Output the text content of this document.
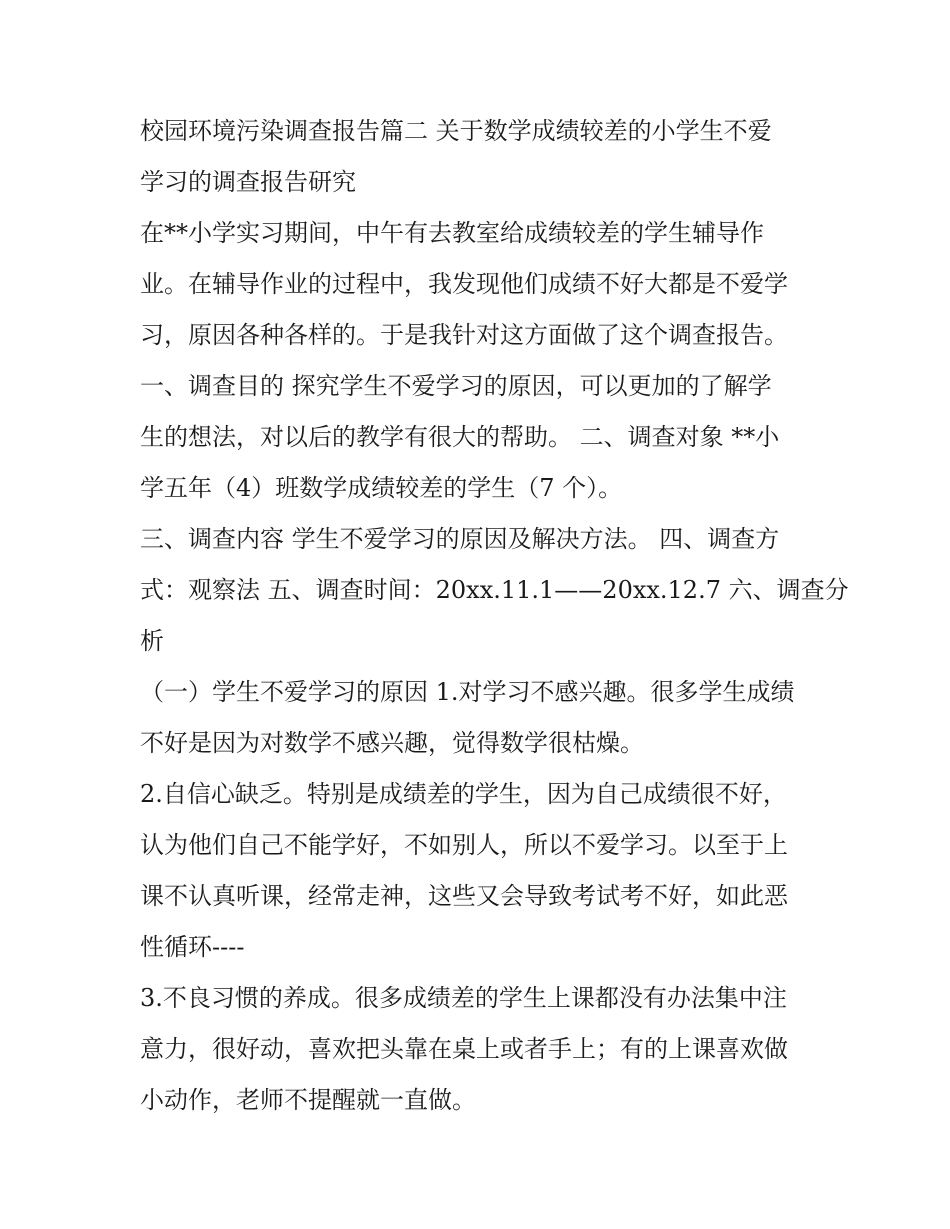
校园环境污染调查报告篇二 关于数学成绩较差的小学生不爱
学习的调查报告研究
在**小学实习期间，中午有去教室给成绩较差的学生辅导作
业。在辅导作业的过程中，我发现他们成绩不好大都是不爱学
习，原因各种各样的。于是我针对这方面做了这个调查报告。
一、调查目的 探究学生不爱学习的原因，可以更加的了解学
生的想法，对以后的教学有很大的帮助。 二、调查对象 **小
学五年（4）班数学成绩较差的学生（7 个）。
三、调查内容 学生不爱学习的原因及解决方法。 四、调查方
式：观察法 五、调查时间：20xx.11.1——20xx.12.7 六、调查分
析
（一）学生不爱学习的原因 1.对学习不感兴趣。很多学生成绩
不好是因为对数学不感兴趣，觉得数学很枯燥。
2.自信心缺乏。特别是成绩差的学生，因为自己成绩很不好，
认为他们自己不能学好，不如别人，所以不爱学习。以至于上
课不认真听课，经常走神，这些又会导致考试考不好，如此恶
性循环----
3.不良习惯的养成。很多成绩差的学生上课都没有办法集中注
意力，很好动，喜欢把头靠在桌上或者手上；有的上课喜欢做
小动作，老师不提醒就一直做。
